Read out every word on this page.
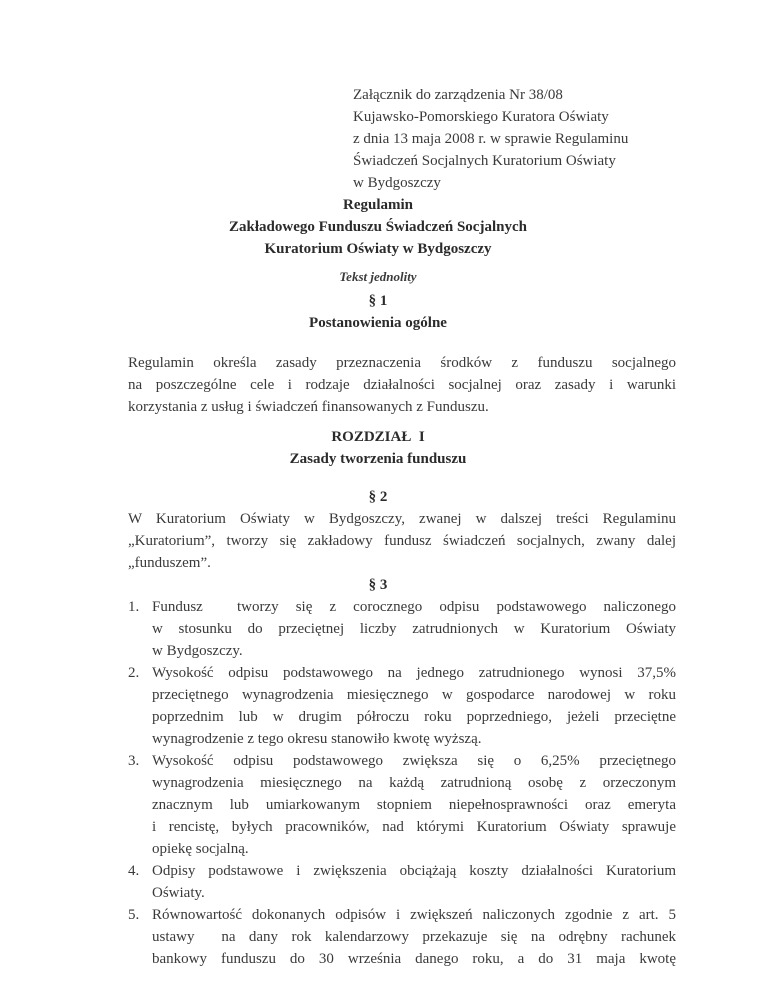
Załącznik do zarządzenia Nr 38/08
Kujawsko-Pomorskiego Kuratora Oświaty
z dnia 13 maja 2008 r. w sprawie Regulaminu
Świadczeń Socjalnych Kuratorium Oświaty
w Bydgoszczy
Regulamin
Zakładowego Funduszu Świadczeń Socjalnych
Kuratorium Oświaty w Bydgoszczy
Tekst jednolity
§ 1
Postanowienia ogólne
Regulamin określa zasady przeznaczenia środków z funduszu socjalnego
na poszczególne cele i rodzaje działalności socjalnej oraz zasady i warunki
korzystania z usług i świadczeń finansowanych z Funduszu.
ROZDZIAŁ  I
Zasady tworzenia funduszu
§ 2
W Kuratorium Oświaty w Bydgoszczy, zwanej w dalszej treści Regulaminu
„Kuratorium”, tworzy się zakładowy fundusz świadczeń socjalnych, zwany dalej
„funduszem”.
§ 3
1. Fundusz  tworzy się z corocznego odpisu podstawowego naliczonego
w stosunku do przeciętnej liczby zatrudnionych w Kuratorium Oświaty
w Bydgoszczy.
2. Wysokość odpisu podstawowego na jednego zatrudnionego wynosi 37,5%
przeciętnego wynagrodzenia miesięcznego w gospodarce narodowej w roku
poprzednim lub w drugim półroczu roku poprzedniego, jeżeli przeciętne
wynagrodzenie z tego okresu stanowiło kwotę wyższą.
3. Wysokość odpisu podstawowego zwiększa się o 6,25% przeciętnego
wynagrodzenia miesięcznego na każdą zatrudnioną osobę z orzeczonym
znacznym lub umiarkowanym stopniem niepełnosprawności oraz emeryta
i rencistę, byłych pracowników, nad którymi Kuratorium Oświaty sprawuje
opiekę socjalną.
4. Odpisy podstawowe i zwiększenia obciążają koszty działalności Kuratorium
Oświaty.
5. Równowartość dokonanych odpisów i zwiększeń naliczonych zgodnie z art. 5
ustawy  na dany rok kalendarzowy przekazuje się na odrębny rachunek
bankowy funduszu do 30 września danego roku, a do 31 maja kwotę
